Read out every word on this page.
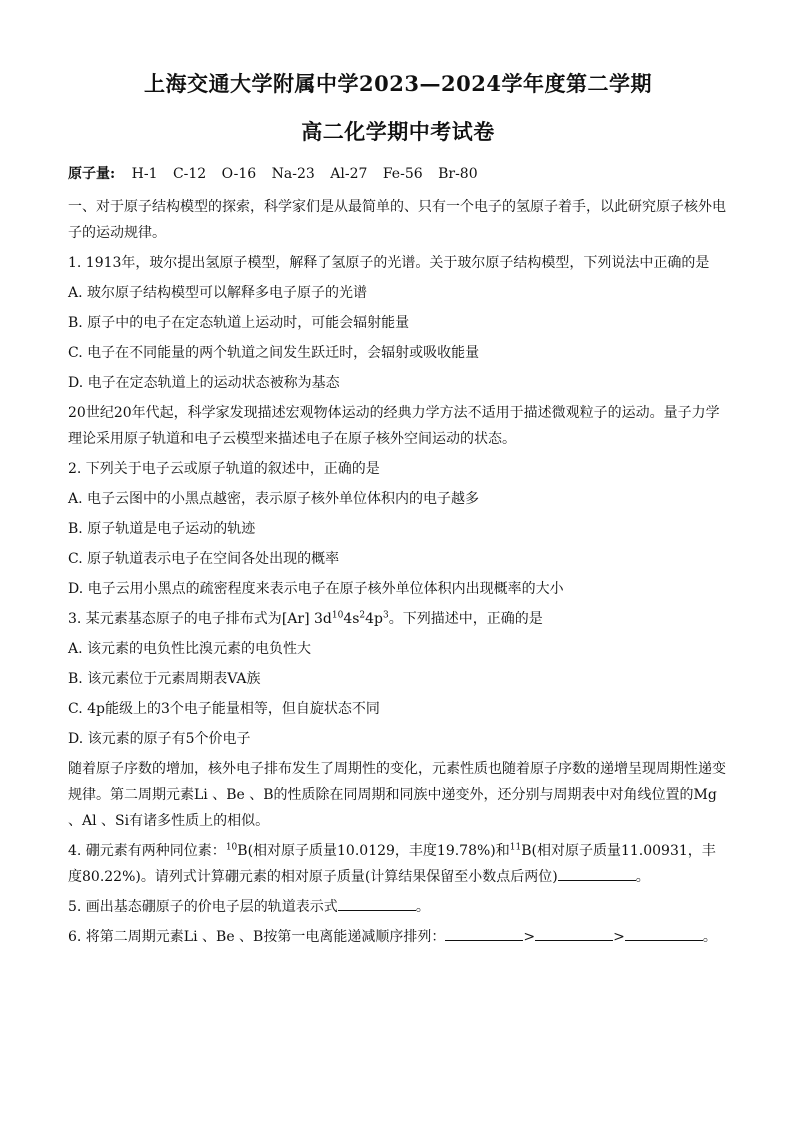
上海交通大学附属中学2023—2024学年度第二学期
高二化学期中考试卷
原子量: H-1 C-12 O-16 Na-23 Al-27 Fe-56 Br-80

一、对于原子结构模型的探索，科学家们是从最简单的、只有一个电子的氢原子着手，以此研究原子核外电子的运动规律。

1. 1913年，玻尔提出氢原子模型，解释了氢原子的光谱。关于玻尔原子结构模型，下列说法中正确的是

A. 玻尔原子结构模型可以解释多电子原子的光谱

B. 原子中的电子在定态轨道上运动时，可能会辐射能量

C. 电子在不同能量的两个轨道之间发生跃迁时，会辐射或吸收能量

D. 电子在定态轨道上的运动状态被称为基态

20世纪20年代起，科学家发现描述宏观物体运动的经典力学方法不适用于描述微观粒子的运动。量子力学理论采用原子轨道和电子云模型来描述电子在原子核外空间运动的状态。

2. 下列关于电子云或原子轨道的叙述中，正确的是

A. 电子云图中的小黑点越密，表示原子核外单位体积内的电子越多

B. 原子轨道是电子运动的轨迹

C. 原子轨道表示电子在空间各处出现的概率

D. 电子云用小黑点的疏密程度来表示电子在原子核外单位体积内出现概率的大小

3. 某元素基态原子的电子排布式为[Ar] $3d^{10}4s^24p^3$。下列描述中，正确的是

A. 该元素的电负性比溴元素的电负性大

B. 该元素位于元素周期表VA族

C. 4p能级上的3个电子能量相等，但自旋状态不同

D. 该元素的原子有5个价电子

随着原子序数的增加，核外电子排布发生了周期性的变化，元素性质也随着原子序数的递增呈现周期性递变规律。第二周期元素Li 、Be 、B的性质除在同周期和同族中递变外，还分别与周期表中对角线位置的Mg 、Al 、Si有诸多性质上的相似。

4. 硼元素有两种同位素：$^{10}$B(相对原子质量10.0129，丰度19.78%)和$^{11}$B(相对原子质量11.00931，丰度80.22%)。请列式计算硼元素的相对原子质量(计算结果保留至小数点后两位)	。

5. 画出基态硼原子的价电子层的轨道表示式	。

6. 将第二周期元素Li 、Be 、B按第一电离能递减顺序排列：	>	>	。
